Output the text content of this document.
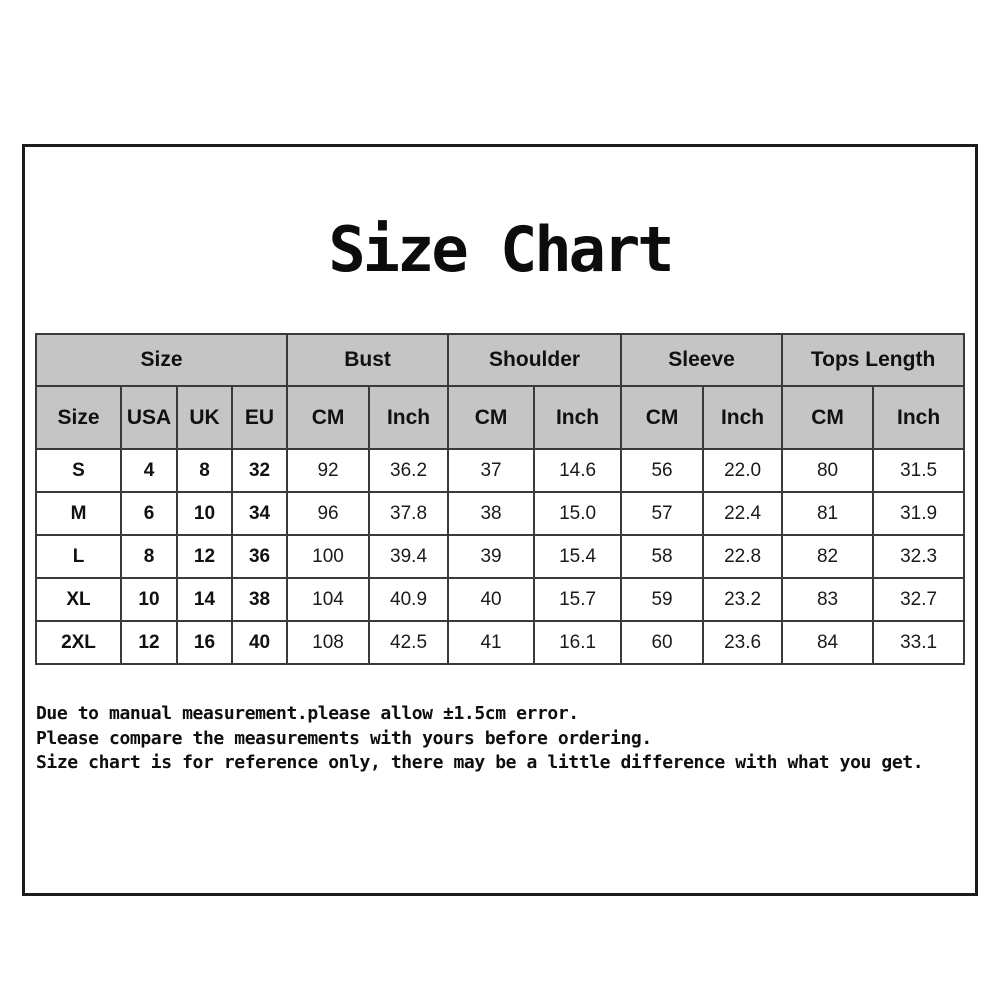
Size Chart
Size				Bust		Shoulder		Sleeve		Tops Length	
Size	USA	UK	EU	CM	Inch	CM	Inch	CM	Inch	CM	Inch
S	4	8	32	92	36.2	37	14.6	56	22.0	80	31.5
M	6	10	34	96	37.8	38	15.0	57	22.4	81	31.9
L	8	12	36	100	39.4	39	15.4	58	22.8	82	32.3
XL	10	14	38	104	40.9	40	15.7	59	23.2	83	32.7
2XL	12	16	40	108	42.5	41	16.1	60	23.6	84	33.1

Due to manual measurement.please allow ±1.5cm error.

Please compare the measurements with yours before ordering.

Size chart is for reference only, there may be a little difference with what you get.
